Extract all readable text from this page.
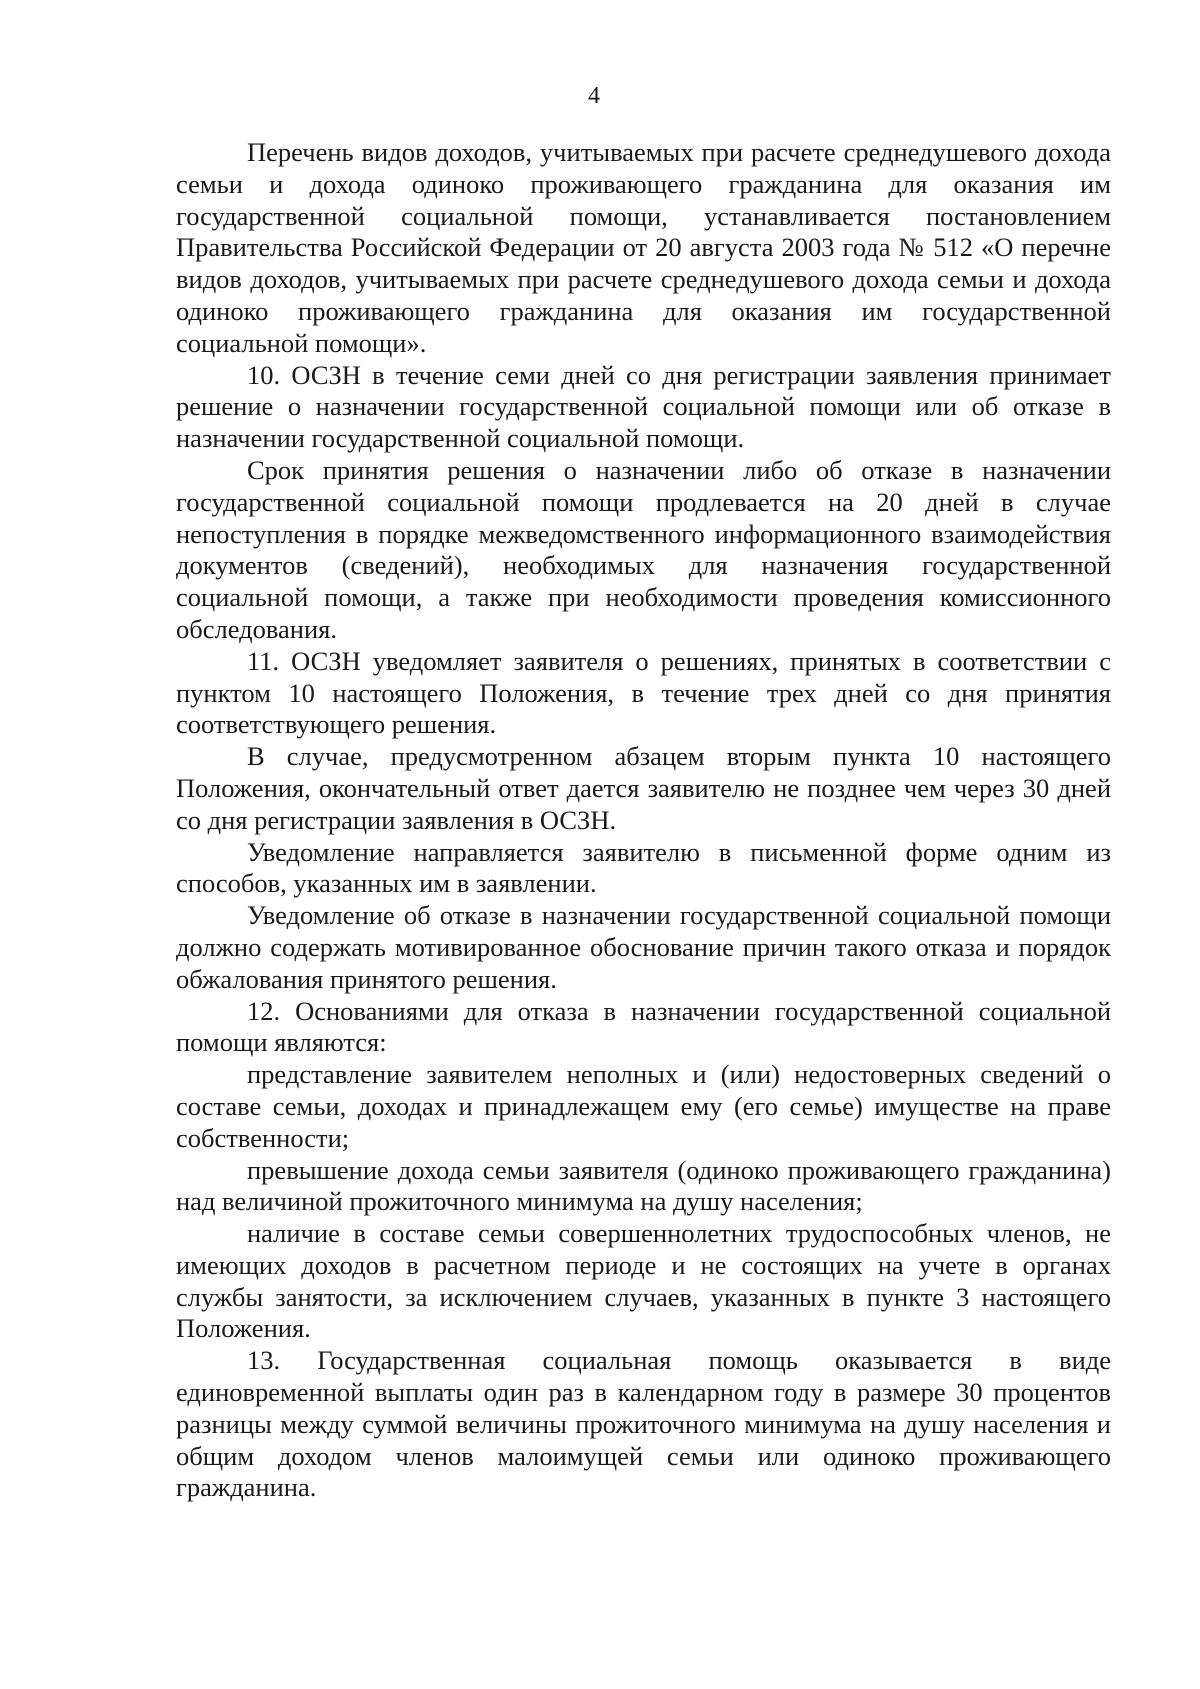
4

Перечень видов доходов, учитываемых при расчете среднедушевого дохода семьи и дохода одиноко проживающего гражданина для оказания им государственной социальной помощи, устанавливается постановлением Правительства Российской Федерации от 20 августа 2003 года № 512 «О перечне видов доходов, учитываемых при расчете среднедушевого дохода семьи и дохода одиноко проживающего гражданина для оказания им государственной социальной помощи».

10. ОСЗН в течение семи дней со дня регистрации заявления принимает решение о назначении государственной социальной помощи или об отказе в назначении государственной социальной помощи.

Срок принятия решения о назначении либо об отказе в назначении государственной социальной помощи продлевается на 20 дней в случае непоступления в порядке межведомственного информационного взаимодействия документов (сведений), необходимых для назначения государственной социальной помощи, а также при необходимости проведения комиссионного обследования.

11. ОСЗН уведомляет заявителя о решениях, принятых в соответствии с пунктом 10 настоящего Положения, в течение трех дней со дня принятия соответствующего решения.

В случае, предусмотренном абзацем вторым пункта 10 настоящего Положения, окончательный ответ дается заявителю не позднее чем через 30 дней со дня регистрации заявления в ОСЗН.

Уведомление направляется заявителю в письменной форме одним из способов, указанных им в заявлении.

Уведомление об отказе в назначении государственной социальной помощи должно содержать мотивированное обоснование причин такого отказа и порядок обжалования принятого решения.

12. Основаниями для отказа в назначении государственной социальной помощи являются:

представление заявителем неполных и (или) недостоверных сведений о составе семьи, доходах и принадлежащем ему (его семье) имуществе на праве собственности;

превышение дохода семьи заявителя (одиноко проживающего гражданина) над величиной прожиточного минимума на душу населения;

наличие в составе семьи совершеннолетних трудоспособных членов, не имеющих доходов в расчетном периоде и не состоящих на учете в органах службы занятости, за исключением случаев, указанных в пункте 3 настоящего Положения.

13. Государственная социальная помощь оказывается в виде единовременной выплаты один раз в календарном году в размере 30 процентов разницы между суммой величины прожиточного минимума на душу населения и общим доходом членов малоимущей семьи или одиноко проживающего гражданина.
